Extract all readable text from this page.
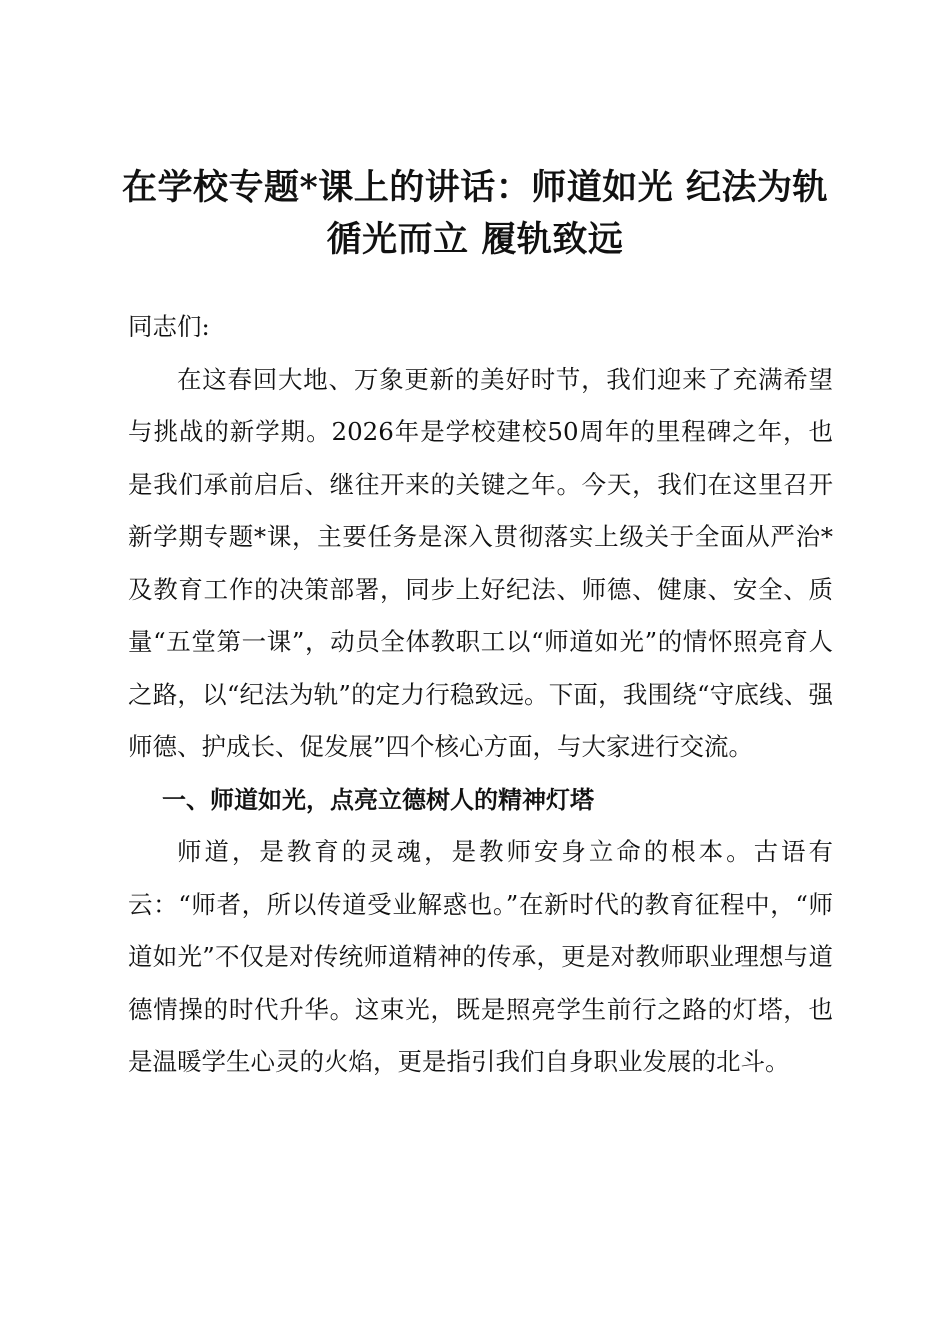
在学校专题*课上的讲话：师道如光 纪法为轨
循光而立 履轨致远

同志们:

在这春回大地、万象更新的美好时节，我们迎来了充满希望与挑战的新学期。2026年是学校建校50周年的里程碑之年，也是我们承前启后、继往开来的关键之年。今天，我们在这里召开新学期专题*课，主要任务是深入贯彻落实上级关于全面从严治*及教育工作的决策部署，同步上好纪法、师德、健康、安全、质量“五堂第一课”，动员全体教职工以“师道如光”的情怀照亮育人之路，以“纪法为轨”的定力行稳致远。下面，我围绕“守底线、强师德、护成长、促发展”四个核心方面，与大家进行交流。

一、师道如光，点亮立德树人的精神灯塔

师道，是教育的灵魂，是教师安身立命的根本。古语有云：“师者，所以传道受业解惑也。”在新时代的教育征程中，“师道如光”不仅是对传统师道精神的传承，更是对教师职业理想与道德情操的时代升华。这束光，既是照亮学生前行之路的灯塔，也是温暖学生心灵的火焰，更是指引我们自身职业发展的北斗。
